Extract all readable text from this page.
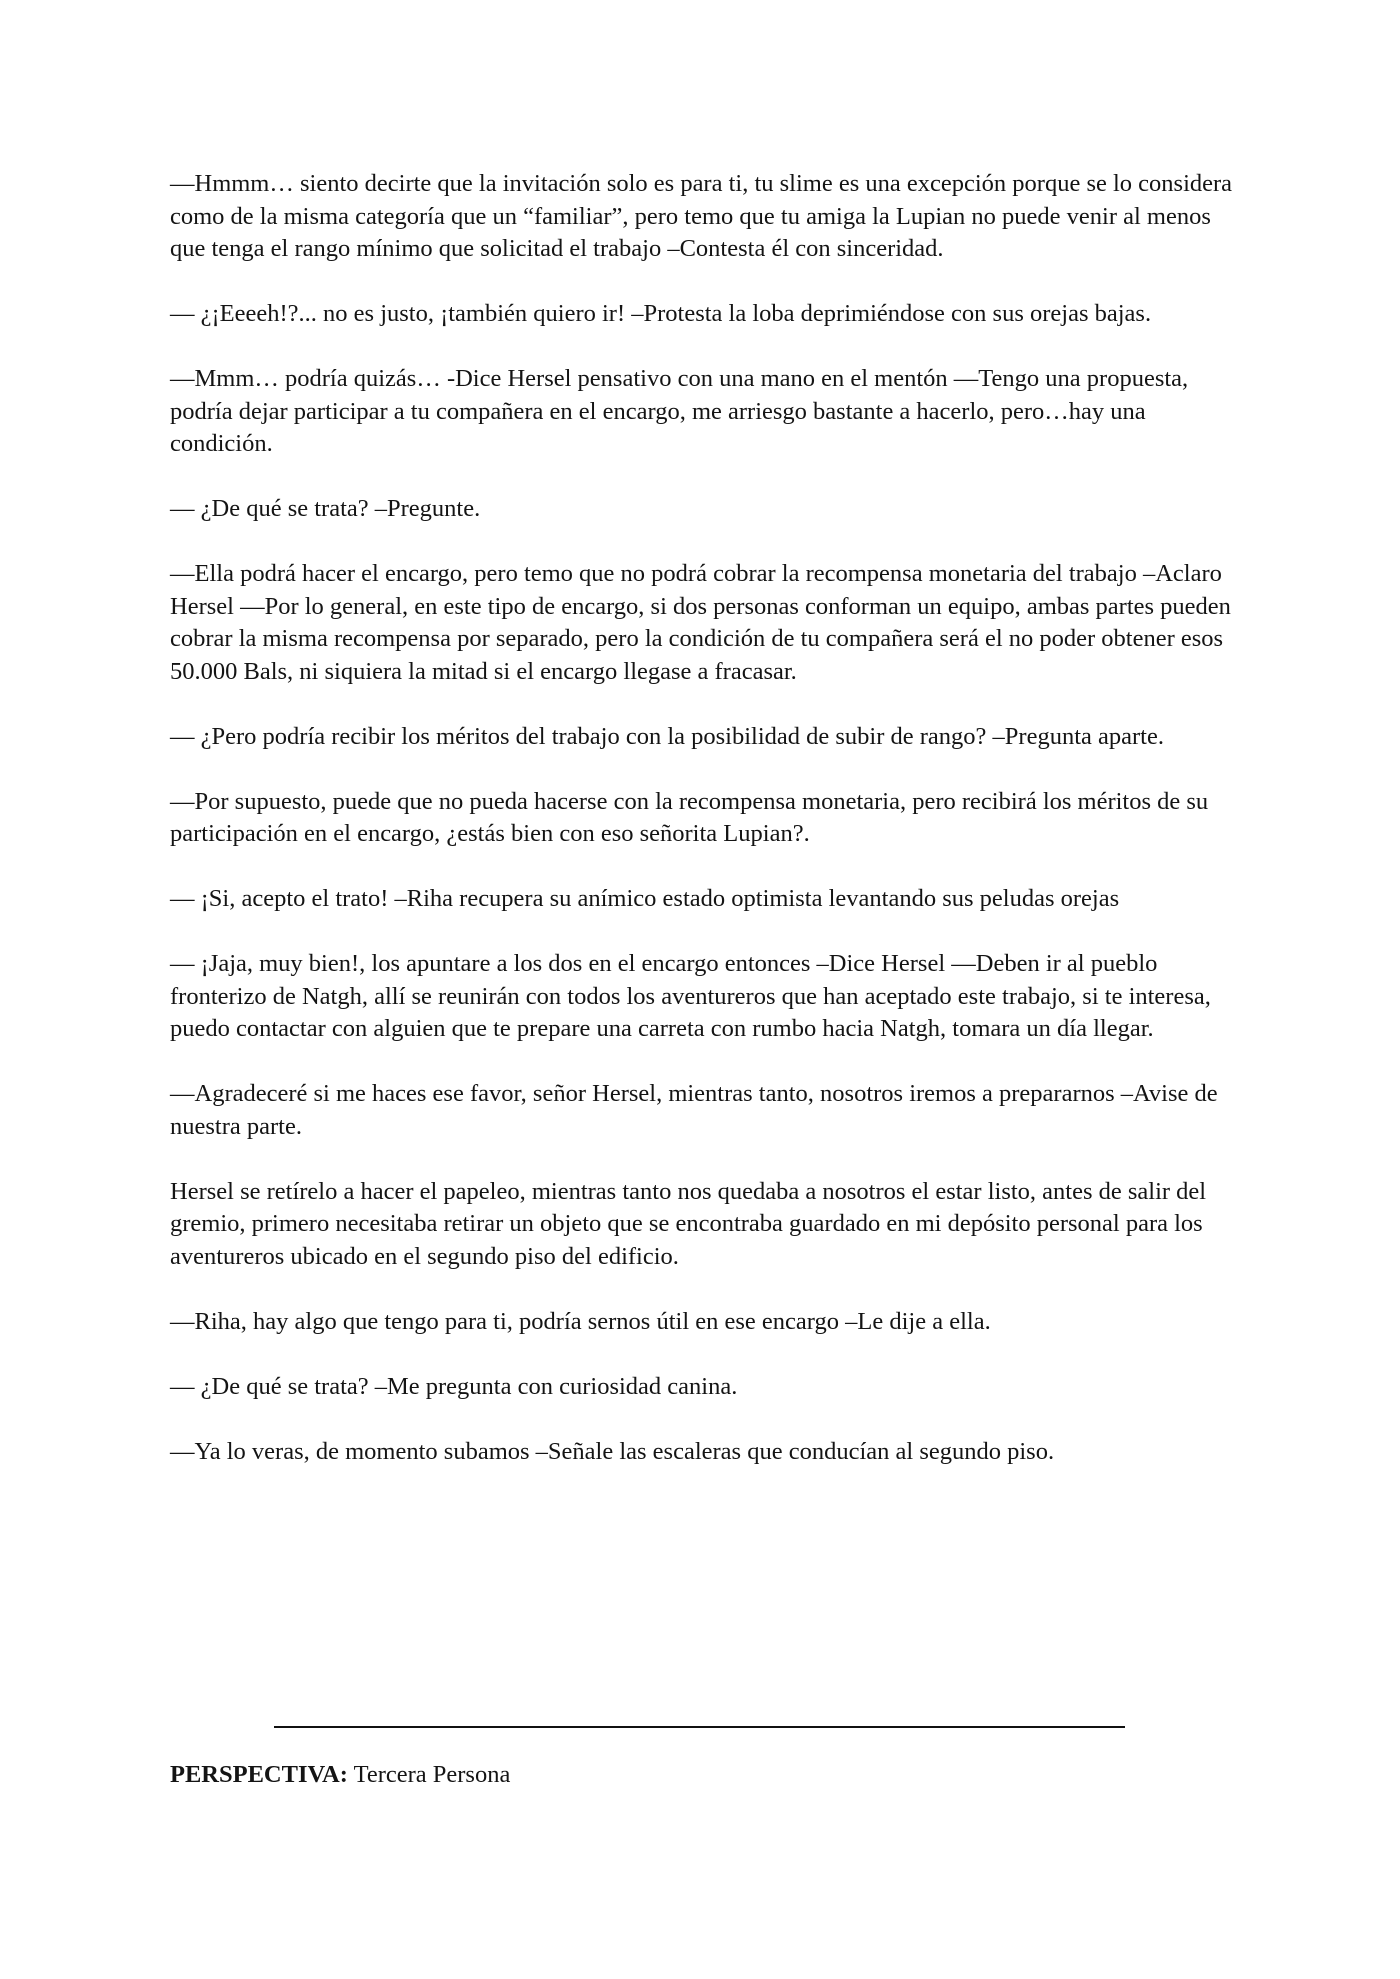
—Hmmm… siento decirte que la invitación solo es para ti, tu slime es una excepción porque se lo considera como de la misma categoría que un “familiar”, pero temo que tu amiga la Lupian no puede venir al menos que tenga el rango mínimo que solicitad el trabajo –Contesta él con sinceridad.

— ¿¡Eeeeh!?... no es justo, ¡también quiero ir! –Protesta la loba deprimiéndose con sus orejas bajas.

—Mmm… podría quizás… -Dice Hersel pensativo con una mano en el mentón —Tengo una propuesta, podría dejar participar a tu compañera en el encargo, me arriesgo bastante a hacerlo, pero…hay una condición.

— ¿De qué se trata? –Pregunte.

—Ella podrá hacer el encargo, pero temo que no podrá cobrar la recompensa monetaria del trabajo –Aclaro Hersel —Por lo general, en este tipo de encargo, si dos personas conforman un equipo, ambas partes pueden cobrar la misma recompensa por separado, pero la condición de tu compañera será el no poder obtener esos 50.000 Bals, ni siquiera la mitad si el encargo llegase a fracasar.

— ¿Pero podría recibir los méritos del trabajo con la posibilidad de subir de rango? –Pregunta aparte.

—Por supuesto, puede que no pueda hacerse con la recompensa monetaria, pero recibirá los méritos de su participación en el encargo, ¿estás bien con eso señorita Lupian?.

— ¡Si, acepto el trato! –Riha recupera su anímico estado optimista levantando sus peludas orejas

— ¡Jaja, muy bien!, los apuntare a los dos en el encargo entonces –Dice Hersel —Deben ir al pueblo fronterizo de Natgh, allí se reunirán con todos los aventureros que han aceptado este trabajo, si te interesa, puedo contactar con alguien que te prepare una carreta con rumbo hacia Natgh, tomara un día llegar.

—Agradeceré si me haces ese favor, señor Hersel, mientras tanto, nosotros iremos a prepararnos –Avise de nuestra parte.

Hersel se retírelo a hacer el papeleo, mientras tanto nos quedaba a nosotros el estar listo, antes de salir del gremio, primero necesitaba retirar un objeto que se encontraba guardado en mi depósito personal para los aventureros ubicado en el segundo piso del edificio.

—Riha, hay algo que tengo para ti, podría sernos útil en ese encargo –Le dije a ella.

— ¿De qué se trata? –Me pregunta con curiosidad canina.

—Ya lo veras, de momento subamos –Señale las escaleras que conducían al segundo piso.

PERSPECTIVA: Tercera Persona
